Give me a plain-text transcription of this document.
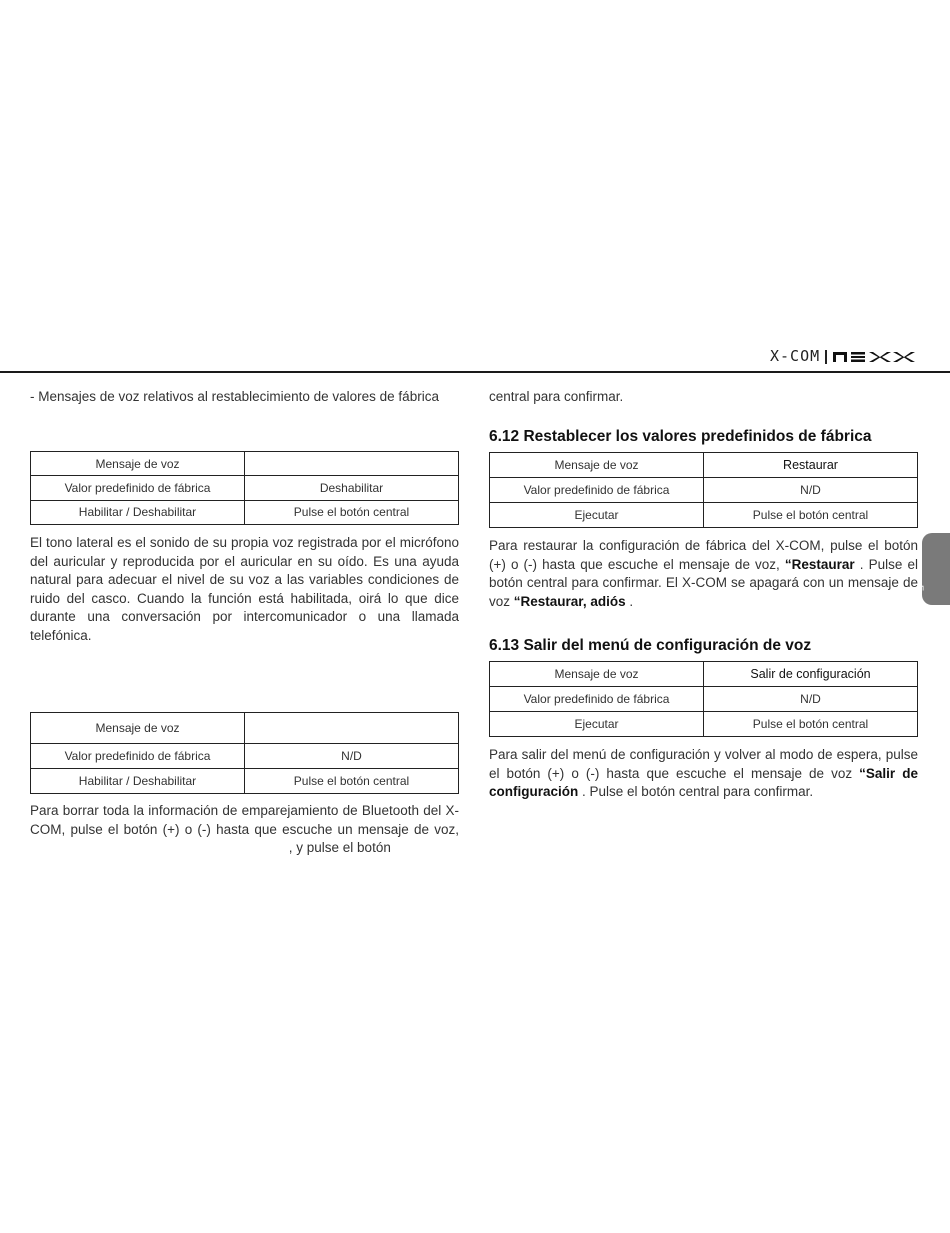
X-COM
Español

- Mensajes de voz relativos al restablecimiento de valores de fábrica

Mensaje de voz	
Valor predefinido de fábrica	Deshabilitar
Habilitar / Deshabilitar	Pulse el botón central

El tono lateral es el sonido de su propia voz registrada por el micrófono del auricular y reproducida por el auricular en su oído. Es una ayuda natural para adecuar el nivel de su voz a las variables condiciones de ruido del casco. Cuando la función está habilitada, oirá lo que dice durante una conversación por intercomunicador o una llamada telefónica.

Mensaje de voz	
Valor predefinido de fábrica	N/D
Habilitar / Deshabilitar	Pulse el botón central

Para borrar toda la información de emparejamiento de Bluetooth del X-COM, pulse el botón (+) o (-) hasta que escuche un mensaje de voz,  , y pulse el botón

central para confirmar.

6.12 Restablecer los valores predefinidos de fábrica
Mensaje de voz	Restaurar
Valor predefinido de fábrica	N/D
Ejecutar	Pulse el botón central

Para restaurar la configuración de fábrica del X-COM, pulse el botón (+) o (-) hasta que escuche el mensaje de voz, “Restaurar . Pulse el botón central para confirmar. El X-COM se apagará con un mensaje de voz “Restaurar, adiós .

6.13 Salir del menú de configuración de voz
Mensaje de voz	Salir de configuración
Valor predefinido de fábrica	N/D
Ejecutar	Pulse el botón central

Para salir del menú de configuración y volver al modo de espera, pulse el botón (+) o (-) hasta que escuche el mensaje de voz “Salir de configuración . Pulse el botón central para confirmar.
